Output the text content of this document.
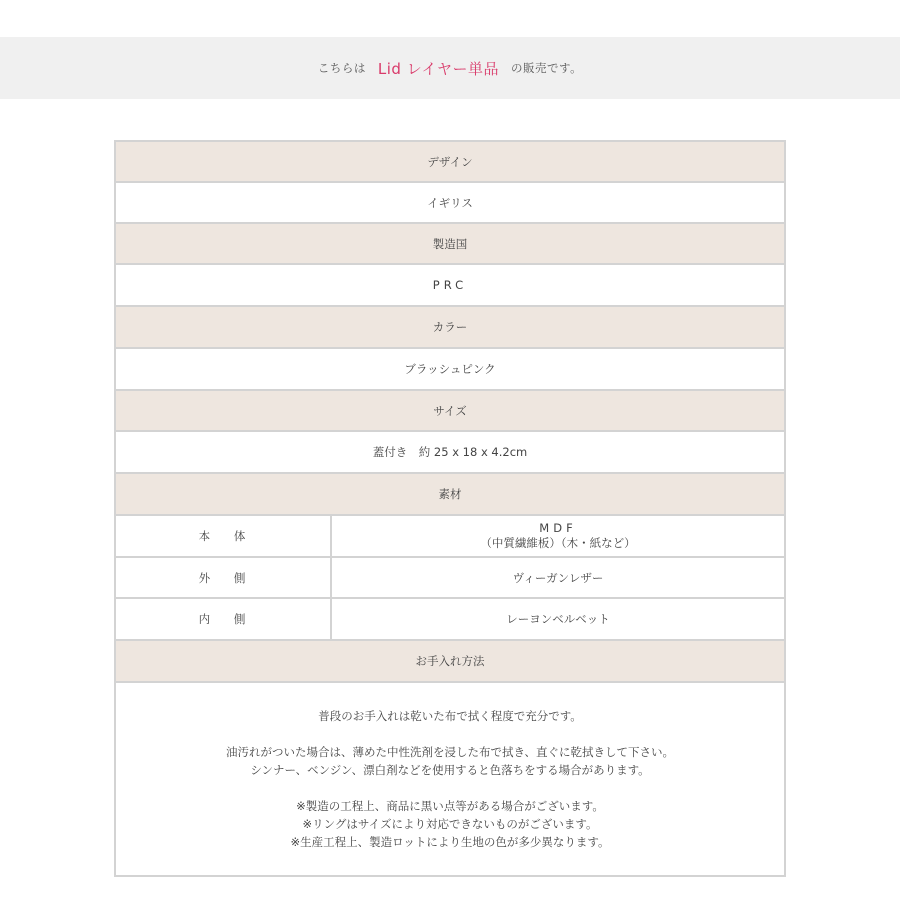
こちらは Lid レイヤー単品 の販売です。
デザイン
イギリス
製造国
PRC
カラー
ブラッシュピンク
サイズ
蓋付き　約 25 x 18 x 4.2cm
素材
本 体
MDF
（中質繊維板）（木・紙など）
外 側	ヴィーガンレザー
内 側	レーヨンベルベット
お手入れ方法

普段のお手入れは乾いた布で拭く程度で充分です。

油汚れがついた場合は、薄めた中性洗剤を浸した布で拭き、直ぐに乾拭きして下さい。

シンナー、ベンジン、漂白剤などを使用すると色落ちをする場合があります。

※製造の工程上、商品に黒い点等がある場合がございます。

※リングはサイズにより対応できないものがございます。

※生産工程上、製造ロットにより生地の色が多少異なります。
